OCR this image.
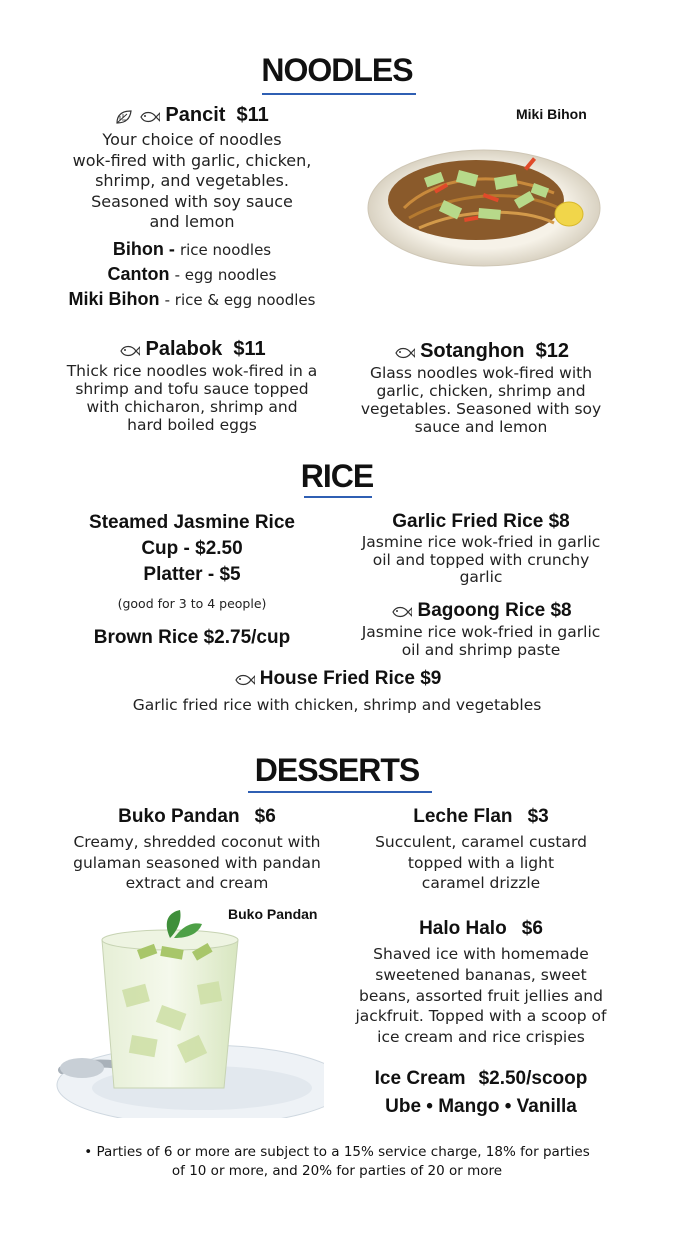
NOODLES

Pancit $11
Your choice of noodles
wok-fired with garlic, chicken,
shrimp, and vegetables.
Seasoned with soy sauce
and lemon
Bihon - rice noodles
Canton - egg noodles
Miki Bihon - rice & egg noodles
Miki Bihon
Palabok $11
Thick rice noodles wok-fired in a
shrimp and tofu sauce topped
with chicharon, shrimp and
hard boiled eggs
Sotanghon $12
Glass noodles wok-fired with
garlic, chicken, shrimp and
vegetables. Seasoned with soy
sauce and lemon
RICE
Steamed Jasmine Rice
Cup - $2.50
Platter - $5
(good for 3 to 4 people)
Brown Rice $2.75/cup
Garlic Fried Rice $8
Jasmine rice wok-fried in garlic
oil and topped with crunchy
garlic
Bagoong Rice $8
Jasmine rice wok-fried in garlic
oil and shrimp paste
House Fried Rice $9
Garlic fried rice with chicken, shrimp and vegetables
DESSERTS
Buko Pandan $6
Creamy, shredded coconut with
gulaman seasoned with pandan
extract and cream
Buko Pandan
Leche Flan $3
Succulent, caramel custard
topped with a light
caramel drizzle
Halo Halo $6
Shaved ice with homemade
sweetened bananas, sweet
beans, assorted fruit jellies and
jackfruit. Topped with a scoop of
ice cream and rice crispies
Ice Cream $2.50/scoop
Ube • Mango • Vanilla
• Parties of 6 or more are subject to a 15% service charge, 18% for parties
of 10 or more, and 20% for parties of 20 or more
